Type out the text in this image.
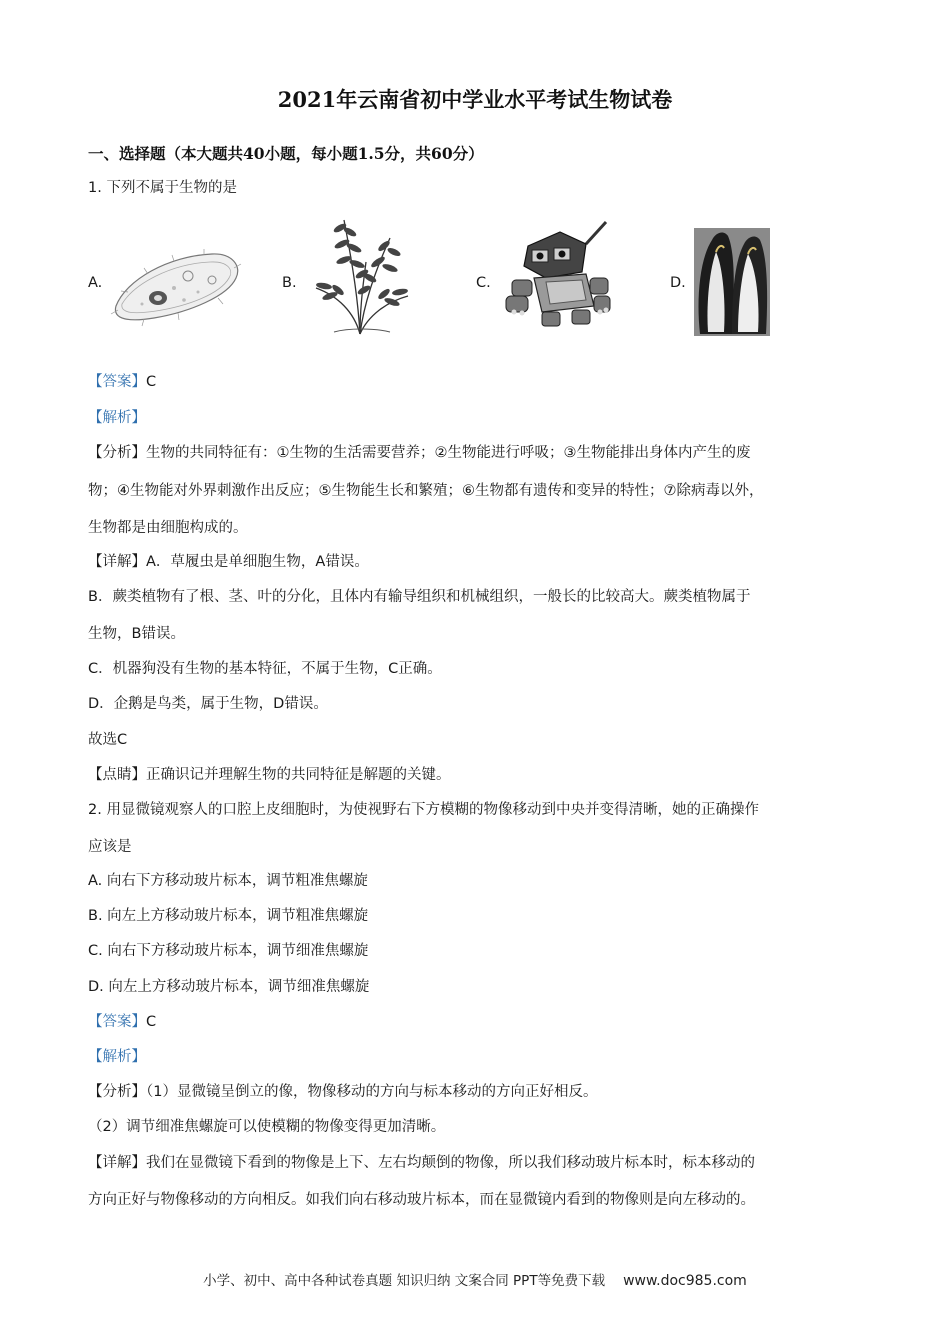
2021年云南省初中学业水平考试生物试卷
一、选择题（本大题共40小题，每小题1.5分，共60分）
1. 下列不属于生物的是
A.	B.	C.	D.
【答案】C
【解析】
【分析】生物的共同特征有：①生物的生活需要营养；②生物能进行呼吸；③生物能排出身体内产生的废
物；④生物能对外界刺激作出反应；⑤生物能生长和繁殖；⑥生物都有遗传和变异的特性；⑦除病毒以外，
生物都是由细胞构成的。
【详解】A．草履虫是单细胞生物，A错误。
B．蕨类植物有了根、茎、叶的分化，且体内有输导组织和机械组织，一般长的比较高大。蕨类植物属于
生物，B错误。
C．机器狗没有生物的基本特征，不属于生物，C正确。
D．企鹅是鸟类，属于生物，D错误。
故选C
【点睛】正确识记并理解生物的共同特征是解题的关键。
2. 用显微镜观察人的口腔上皮细胞时，为使视野右下方模糊的物像移动到中央并变得清晰，她的正确操作
应该是
A. 向右下方移动玻片标本，调节粗准焦螺旋
B. 向左上方移动玻片标本，调节粗准焦螺旋
C. 向右下方移动玻片标本，调节细准焦螺旋
D. 向左上方移动玻片标本，调节细准焦螺旋
【答案】C
【解析】
【分析】（1）显微镜呈倒立的像，物像移动的方向与标本移动的方向正好相反。
（2）调节细准焦螺旋可以使模糊的物像变得更加清晰。
【详解】我们在显微镜下看到的物像是上下、左右均颠倒的物像，所以我们移动玻片标本时，标本移动的
方向正好与物像移动的方向相反。如我们向右移动玻片标本，而在显微镜内看到的物像则是向左移动的。
小学、初中、高中各种试卷真题 知识归纳 文案合同 PPT等免费下载 www.doc985.com
